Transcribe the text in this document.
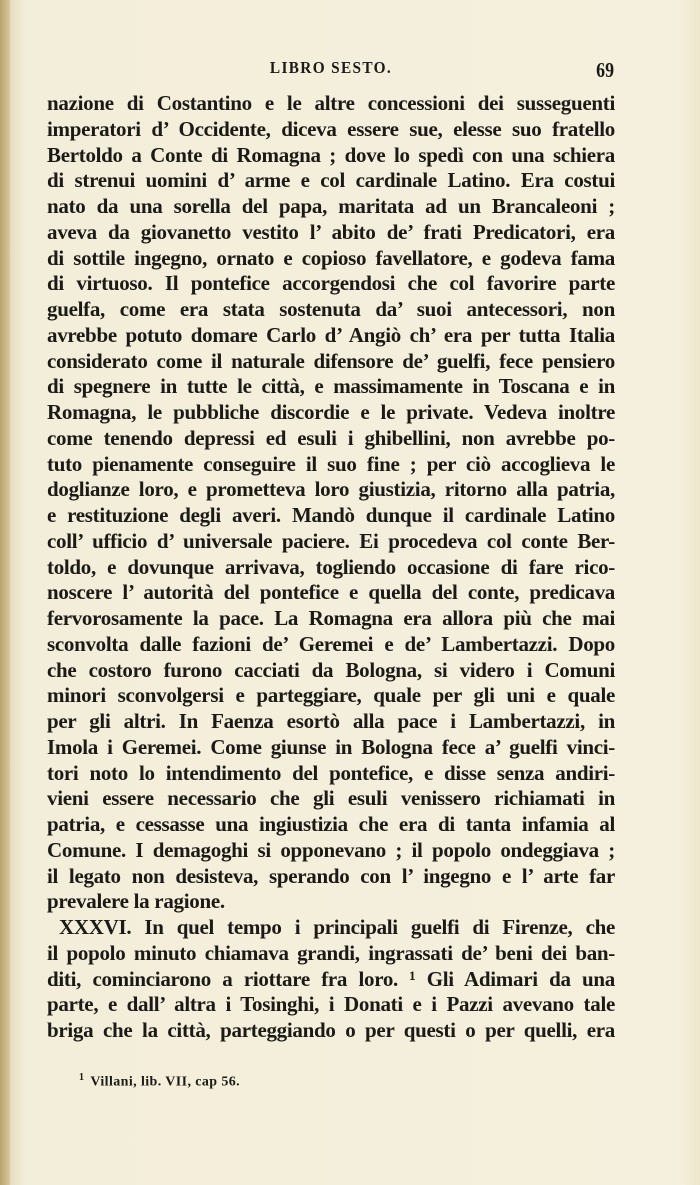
LIBRO SESTO.	69
nazione di Costantino e le altre concessioni dei susseguenti
imperatori d’ Occidente, diceva essere sue, elesse suo fratello
Bertoldo a Conte di Romagna ; dove lo spedì con una schiera
di strenui uomini d’ arme e col cardinale Latino. Era costui
nato da una sorella del papa, maritata ad un Brancaleoni ;
aveva da giovanetto vestito l’ abito de’ frati Predicatori, era
di sottile ingegno, ornato e copioso favellatore, e godeva fama
di virtuoso. Il pontefice accorgendosi che col favorire parte
guelfa, come era stata sostenuta da’ suoi antecessori, non
avrebbe potuto domare Carlo d’ Angiò ch’ era per tutta Italia
considerato come il naturale difensore de’ guelfi, fece pensiero
di spegnere in tutte le città, e massimamente in Toscana e in
Romagna, le pubbliche discordie e le private. Vedeva inoltre
come tenendo depressi ed esuli i ghibellini, non avrebbe po-
tuto pienamente conseguire il suo fine ; per ciò accoglieva le
doglianze loro, e prometteva loro giustizia, ritorno alla patria,
e restituzione degli averi. Mandò dunque il cardinale Latino
coll’ ufficio d’ universale paciere. Ei procedeva col conte Ber-
toldo, e dovunque arrivava, togliendo occasione di fare rico-
noscere l’ autorità del pontefice e quella del conte, predicava
fervorosamente la pace. La Romagna era allora più che mai
sconvolta dalle fazioni de’ Geremei e de’ Lambertazzi. Dopo
che costoro furono cacciati da Bologna, si videro i Comuni
minori sconvolgersi e parteggiare, quale per gli uni e quale
per gli altri. In Faenza esortò alla pace i Lambertazzi, in
Imola i Geremei. Come giunse in Bologna fece a’ guelfi vinci-
tori noto lo intendimento del pontefice, e disse senza andiri-
vieni essere necessario che gli esuli venissero richiamati in
patria, e cessasse una ingiustizia che era di tanta infamia al
Comune. I demagoghi si opponevano ; il popolo ondeggiava ;
il legato non desisteva, sperando con l’ ingegno e l’ arte far
prevalere la ragione.
XXXVI. In quel tempo i principali guelfi di Firenze, che
il popolo minuto chiamava grandi, ingrassati de’ beni dei ban-
diti, cominciarono a riottare fra loro. ¹ Gli Adimari da una
parte, e dall’ altra i Tosinghi, i Donati e i Pazzi avevano tale
briga che la città, parteggiando o per questi o per quelli, era
$^1$ Villani, lib. VII, cap 56.
